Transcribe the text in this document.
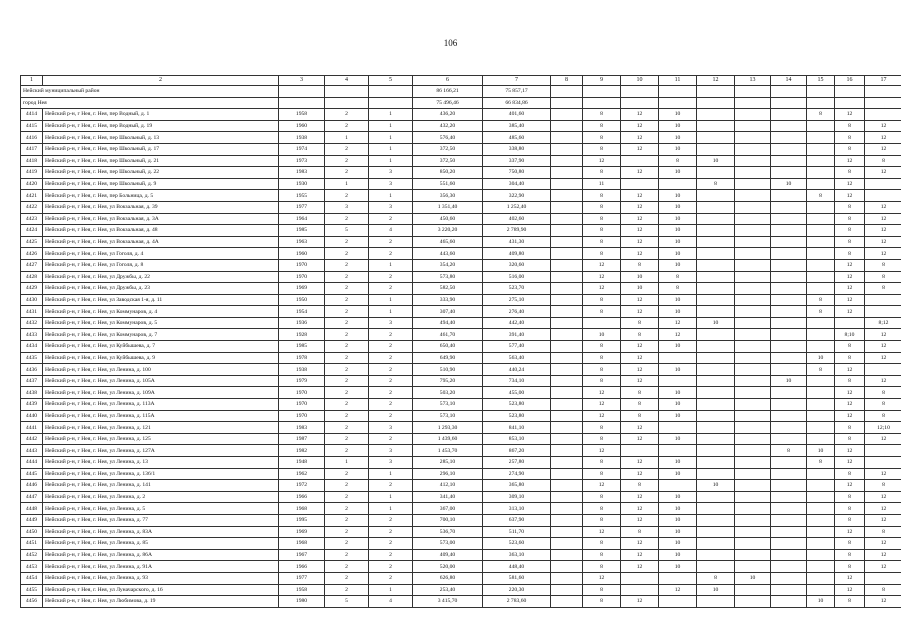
106
1	2	3	4	5	6	7	8	9	10	11	12	13	14	15	16	17
Нейский муниципальный район					86 166,21	75 857,17										
город Нея					75 496,46	66 834,86										
4414	Нейский р-н, г Нея, г. Нея, пер Водный, д. 1	1958	2	1	436,20	401,60		8	12	10				8	12	
4415	Нейский р-н, г Нея, г. Нея, пер Водный, д. 19	1960	2	1	432,20	385,40		8	12	10					8	12
4416	Нейский р-н, г Нея, г. Нея, пер Школьный, д. 13	1938	1	1	576,40	485,60		8	12	10					8	12
4417	Нейский р-н, г Нея, г. Нея, пер Школьный, д. 17	1974	2	1	372,50	338,80		8	12	10					8	12
4418	Нейский р-н, г Нея, г. Нея, пер Школьный, д. 21	1973	2	1	372,50	337,90		12		8	10				12	8
4419	Нейский р-н, г Нея, г. Нея, пер Школьный, д. 22	1983	2	3	850,20	750,80		8	12	10					8	12
4420	Нейский р-н, г Нея, г. Нея, пер Школьный, д. 9	1930	1	3	551,60	304,40		11			8		10		12	
4421	Нейский р-н, г Нея, г. Нея, пер Больница, д. 5	1955	2	1	356,30	322,90		8	12	10				8	12	
4422	Нейский р-н, г Нея, г. Нея, ул Вокзальная, д. 39	1977	3	3	1 351,40	1 252,40		8	12	10					8	12
4423	Нейский р-н, г Нея, г. Нея, ул Вокзальная, д. 3А	1964	2	2	450,60	402,60		8	12	10					8	12
4424	Нейский р-н, г Нея, г. Нея, ул Вокзальная, д. 48	1985	5	4	3 220,20	2 789,90		8	12	10					8	12
4425	Нейский р-н, г Нея, г. Нея, ул Вокзальная, д. 4А	1963	2	2	465,60	431,30		8	12	10					8	12
4426	Нейский р-н, г Нея, г. Нея, ул Гоголя, д. 4	1960	2	2	443,60	409,80		8	12	10					8	12
4427	Нейский р-н, г Нея, г. Нея, ул Гоголя, д. 8	1970	2	1	354,20	320,60		12	8	10					12	8
4428	Нейский р-н, г Нея, г. Нея, ул Дружбы, д. 22	1970	2	2	573,80	516,00		12	10	8					12	8
4429	Нейский р-н, г Нея, г. Нея, ул Дружбы, д. 23	1969	2	2	582,50	523,70		12	10	8					12	8
4430	Нейский р-н, г Нея, г. Нея, ул Заводская 1-я, д. 11	1950	2	1	333,90	275,10		8	12	10				8	12	
4431	Нейский р-н, г Нея, г. Нея, ул Коммунаров, д. 4	1954	2	1	307,40	276,40		8	12	10				8	12	
4432	Нейский р-н, г Нея, г. Нея, ул Коммунаров, д. 5	1936	2	3	494,40	442,40			8	12	10					8;12
4433	Нейский р-н, г Нея, г. Нея, ул Коммунаров, д. 7	1928	2	2	461,70	391,40		10	8	12					8;10	12
4434	Нейский р-н, г Нея, г. Нея, ул Куйбышева, д. 7	1985	2	2	650,40	577,40		8	12	10					8	12
4435	Нейский р-н, г Нея, г. Нея, ул Куйбышева, д. 9	1978	2	2	649,90	563,40		8	12					10	8	12
4436	Нейский р-н, г Нея, г. Нея, ул Ленина, д. 100	1938	2	2	510,90	440,24		8	12	10				8	12	
4437	Нейский р-н, г Нея, г. Нея, ул Ленина, д. 105А	1979	2	2	795,20	734,10		8	12				10		8	12
4438	Нейский р-н, г Нея, г. Нея, ул Ленина, д. 109А	1970	2	2	503,20	455,00		12	8	10					12	8
4439	Нейский р-н, г Нея, г. Нея, ул Ленина, д. 113А	1970	2	2	573,10	523,80		12	8	10					12	8
4440	Нейский р-н, г Нея, г. Нея, ул Ленина, д. 115А	1970	2	2	573,10	523,80		12	8	10					12	8
4441	Нейский р-н, г Нея, г. Нея, ул Ленина, д. 121	1983	2	3	1 293,30	841,10		8	12						8	12;10
4442	Нейский р-н, г Нея, г. Нея, ул Ленина, д. 125	1987	2	2	1 439,60	853,10		8	12	10					8	12
4443	Нейский р-н, г Нея, г. Нея, ул Ленина, д. 127А	1982	2	3	1 453,70	867,20		12					8	10	12	
4444	Нейский р-н, г Нея, г. Нея, ул Ленина, д. 13	1948	1	3	285,10	257,80		8	12	10				8	12	
4445	Нейский р-н, г Нея, г. Нея, ул Ленина, д. 136/1	1962	2	1	296,10	274,90		8	12	10					8	12
4446	Нейский р-н, г Нея, г. Нея, ул Ленина, д. 141	1972	2	2	412,10	365,80		12	8		10				12	8
4447	Нейский р-н, г Нея, г. Нея, ул Ленина, д. 2	1966	2	1	341,40	309,10		8	12	10					8	12
4448	Нейский р-н, г Нея, г. Нея, ул Ленина, д. 5	1968	2	1	367,00	313,10		8	12	10					8	12
4449	Нейский р-н, г Нея, г. Нея, ул Ленина, д. 77	1995	2	2	700,10	637,90		8	12	10					8	12
4450	Нейский р-н, г Нея, г. Нея, ул Ленина, д. 83А	1969	2	2	536,70	511,70		12	8	10					12	8
4451	Нейский р-н, г Нея, г. Нея, ул Ленина, д. 85	1968	2	2	573,00	523,60		8	12	10					8	12
4452	Нейский р-н, г Нея, г. Нея, ул Ленина, д. 86А	1967	2	2	409,40	363,10		8	12	10					8	12
4453	Нейский р-н, г Нея, г. Нея, ул Ленина, д. 91А	1966	2	2	520,00	448,40		8	12	10					8	12
4454	Нейский р-н, г Нея, г. Нея, ул Ленина, д. 93	1977	2	2	626,80	581,60		12			8	10			12	
4455	Нейский р-н, г Нея, г. Нея, ул Луначарского, д. 16	1958	2	1	253,40	220,30		8		12	10				12	8
4456	Нейский р-н, г Нея, г. Нея, ул Любимова, д. 19	1980	5	4	3 415,70	2 783,60		8	12					10	8	12
